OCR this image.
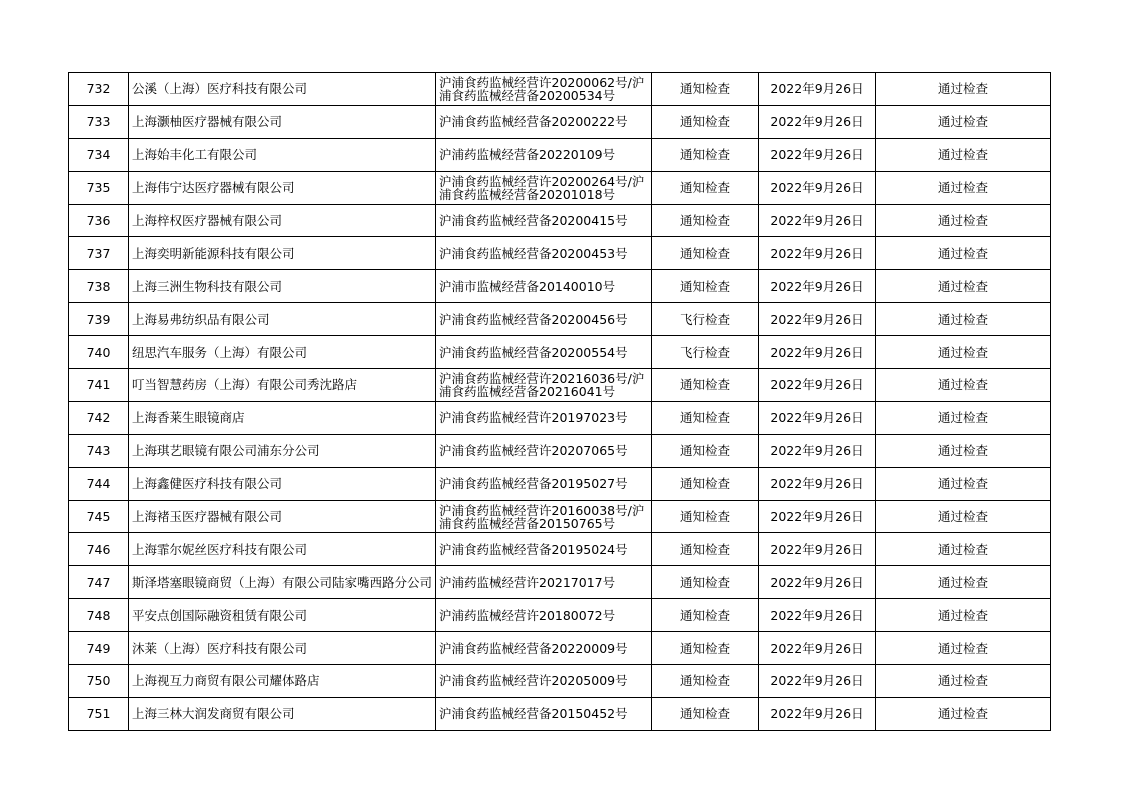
732	公溪（上海）医疗科技有限公司	沪浦食药监械经营许20200062号/沪浦食药监械经营备20200534号	通知检查	2022年9月26日	通过检查
733	上海灏柚医疗器械有限公司	沪浦食药监械经营备20200222号	通知检查	2022年9月26日	通过检查
734	上海始丰化工有限公司	沪浦药监械经营备20220109号	通知检查	2022年9月26日	通过检查
735	上海伟宁达医疗器械有限公司	沪浦食药监械经营许20200264号/沪浦食药监械经营备20201018号	通知检查	2022年9月26日	通过检查
736	上海梓权医疗器械有限公司	沪浦食药监械经营备20200415号	通知检查	2022年9月26日	通过检查
737	上海奕明新能源科技有限公司	沪浦食药监械经营备20200453号	通知检查	2022年9月26日	通过检查
738	上海三洲生物科技有限公司	沪浦市监械经营备20140010号	通知检查	2022年9月26日	通过检查
739	上海易弗纺织品有限公司	沪浦食药监械经营备20200456号	飞行检查	2022年9月26日	通过检查
740	纽思汽车服务（上海）有限公司	沪浦食药监械经营备20200554号	飞行检查	2022年9月26日	通过检查
741	叮当智慧药房（上海）有限公司秀沈路店	沪浦食药监械经营许20216036号/沪浦食药监械经营备20216041号	通知检查	2022年9月26日	通过检查
742	上海香莱生眼镜商店	沪浦食药监械经营许20197023号	通知检查	2022年9月26日	通过检查
743	上海琪艺眼镜有限公司浦东分公司	沪浦食药监械经营许20207065号	通知检查	2022年9月26日	通过检查
744	上海鑫健医疗科技有限公司	沪浦食药监械经营备20195027号	通知检查	2022年9月26日	通过检查
745	上海褚玉医疗器械有限公司	沪浦食药监械经营许20160038号/沪浦食药监械经营备20150765号	通知检查	2022年9月26日	通过检查
746	上海霏尔妮丝医疗科技有限公司	沪浦食药监械经营备20195024号	通知检查	2022年9月26日	通过检查
747	斯泽塔塞眼镜商贸（上海）有限公司陆家嘴西路分公司	沪浦药监械经营许20217017号	通知检查	2022年9月26日	通过检查
748	平安点创国际融资租赁有限公司	沪浦药监械经营许20180072号	通知检查	2022年9月26日	通过检查
749	沐莱（上海）医疗科技有限公司	沪浦食药监械经营备20220009号	通知检查	2022年9月26日	通过检查
750	上海视互力商贸有限公司耀体路店	沪浦食药监械经营许20205009号	通知检查	2022年9月26日	通过检查
751	上海三林大润发商贸有限公司	沪浦食药监械经营备20150452号	通知检查	2022年9月26日	通过检查
